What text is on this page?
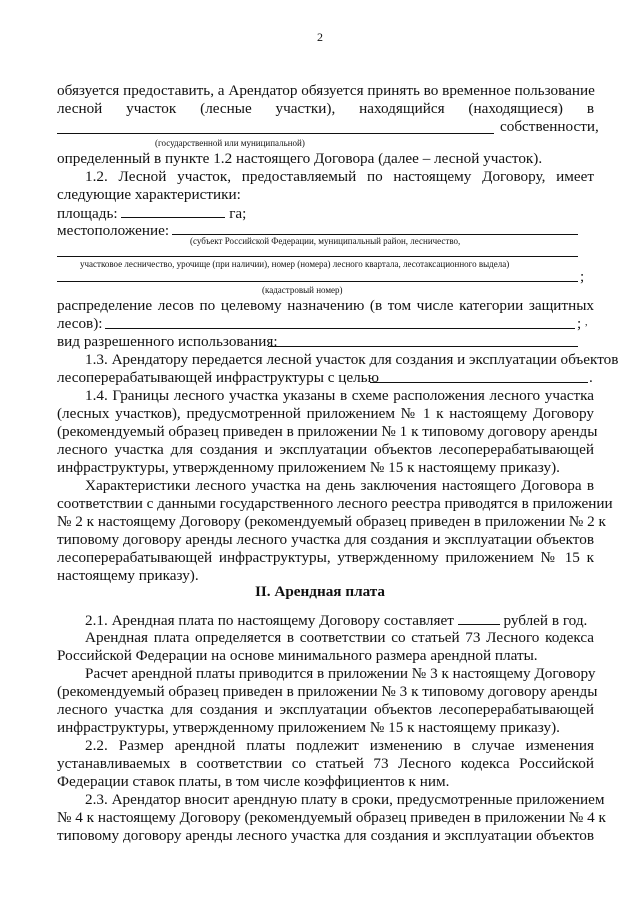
2
обязуется предоставить, а Арендатор обязуется принять во временное пользование
лесной участок (лесные участки), находящийся (находящиеся) в
собственности,
(государственной или муниципальной)
определенный в пункте 1.2 настоящего Договора (далее – лесной участок).
1.2. Лесной участок, предоставляемый по настоящему Договору, имеет
следующие характеристики:
площадь:	га;
местоположение:
(субъект Российской Федерации, муниципальный район, лесничество,
участковое лесничество, урочище (при наличии), номер (номера) лесного квартала, лесотаксационного выдела)
;
(кадастровый номер)
распределение лесов по целевому назначению (в том числе категории защитных
лесов):	;
вид разрешенного использования:
1.3. Арендатору передается лесной участок для создания и эксплуатации объектов
лесоперерабатывающей инфраструктуры с целью	.
1.4. Границы лесного участка указаны в схеме расположения лесного участка
(лесных участков), предусмотренной приложением № 1 к настоящему Договору
(рекомендуемый образец приведен в приложении № 1 к типовому договору аренды
лесного участка для создания и эксплуатации объектов лесоперерабатывающей
инфраструктуры, утвержденному приложением № 15 к настоящему приказу).
Характеристики лесного участка на день заключения настоящего Договора в
соответствии с данными государственного лесного реестра приводятся в приложении
№ 2 к настоящему Договору (рекомендуемый образец приведен в приложении № 2 к
типовому договору аренды лесного участка для создания и эксплуатации объектов
лесоперерабатывающей инфраструктуры, утвержденному приложением № 15 к
настоящему приказу).
II. Арендная плата
2.1. Арендная плата по настоящему Договору составляет	рублей в год.
Арендная плата определяется в соответствии со статьей 73 Лесного кодекса
Российской Федерации на основе минимального размера арендной платы.
Расчет арендной платы приводится в приложении № 3 к настоящему Договору
(рекомендуемый образец приведен в приложении № 3 к типовому договору аренды
лесного участка для создания и эксплуатации объектов лесоперерабатывающей
инфраструктуры, утвержденному приложением № 15 к настоящему приказу).
2.2. Размер арендной платы подлежит изменению в случае изменения
устанавливаемых в соответствии со статьей 73 Лесного кодекса Российской
Федерации ставок платы, в том числе коэффициентов к ним.
2.3. Арендатор вносит арендную плату в сроки, предусмотренные приложением
№ 4 к настоящему Договору (рекомендуемый образец приведен в приложении № 4 к
типовому договору аренды лесного участка для создания и эксплуатации объектов
,
